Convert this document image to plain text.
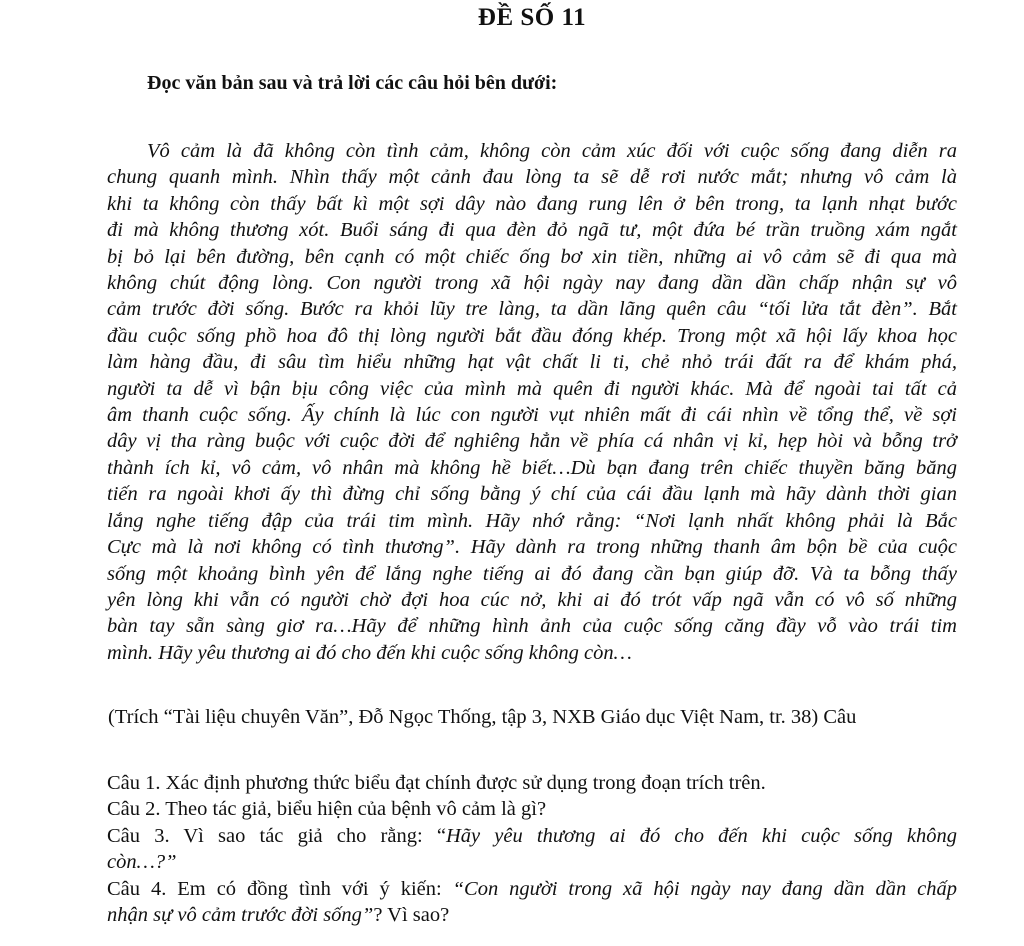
ĐỀ SỐ 11
Đọc văn bản sau và trả lời các câu hỏi bên dưới:
Vô cảm là đã không còn tình cảm, không còn cảm xúc đối với cuộc sống đang diễn ra
chung quanh mình. Nhìn thấy một cảnh đau lòng ta sẽ dễ rơi nước mắt; nhưng vô cảm là
khi ta không còn thấy bất kì một sợi dây nào đang rung lên ở bên trong, ta lạnh nhạt bước
đi mà không thương xót. Buổi sáng đi qua đèn đỏ ngã tư, một đứa bé trần truồng xám ngắt
bị bỏ lại bên đường, bên cạnh có một chiếc ống bơ xin tiền, những ai vô cảm sẽ đi qua mà
không chút động lòng. Con người trong xã hội ngày nay đang dần dần chấp nhận sự vô
cảm trước đời sống. Bước ra khỏi lũy tre làng, ta dần lãng quên câu “tối lửa tắt đèn”. Bắt
đầu cuộc sống phồ hoa đô thị lòng người bắt đầu đóng khép. Trong một xã hội lấy khoa học
làm hàng đầu, đi sâu tìm hiểu những hạt vật chất li ti, chẻ nhỏ trái đất ra để khám phá,
người ta dễ vì bận bịu công việc của mình mà quên đi người khác. Mà để ngoài tai tất cả
âm thanh cuộc sống. Ấy chính là lúc con người vụt nhiên mất đi cái nhìn về tổng thể, về sợi
dây vị tha ràng buộc với cuộc đời để nghiêng hẳn về phía cá nhân vị kỉ, hẹp hòi và bỗng trở
thành ích kỉ, vô cảm, vô nhân mà không hề biết…Dù bạn đang trên chiếc thuyền băng băng
tiến ra ngoài khơi ấy thì đừng chỉ sống bằng ý chí của cái đầu lạnh mà hãy dành thời gian
lắng nghe tiếng đập của trái tim mình. Hãy nhớ rằng: “Nơi lạnh nhất không phải là Bắc
Cực mà là nơi không có tình thương”. Hãy dành ra trong những thanh âm bộn bề của cuộc
sống một khoảng bình yên để lắng nghe tiếng ai đó đang cần bạn giúp đỡ. Và ta bỗng thấy
yên lòng khi vẫn có người chờ đợi hoa cúc nở, khi ai đó trót vấp ngã vẫn có vô số những
bàn tay sẵn sàng giơ ra…Hãy để những hình ảnh của cuộc sống căng đầy vỗ vào trái tim
mình. Hãy yêu thương ai đó cho đến khi cuộc sống không còn…
(Trích “Tài liệu chuyên Văn”, Đỗ Ngọc Thống, tập 3, NXB Giáo dục Việt Nam, tr. 38) Câu
Câu 1. Xác định phương thức biểu đạt chính được sử dụng trong đoạn trích trên.
Câu 2. Theo tác giả, biểu hiện của bệnh vô cảm là gì?
Câu 3. Vì sao tác giả cho rằng: “Hãy yêu thương ai đó cho đến khi cuộc sống không
còn…?”
Câu 4. Em có đồng tình với ý kiến: “Con người trong xã hội ngày nay đang dần dần chấp
nhận sự vô cảm trước đời sống”? Vì sao?
